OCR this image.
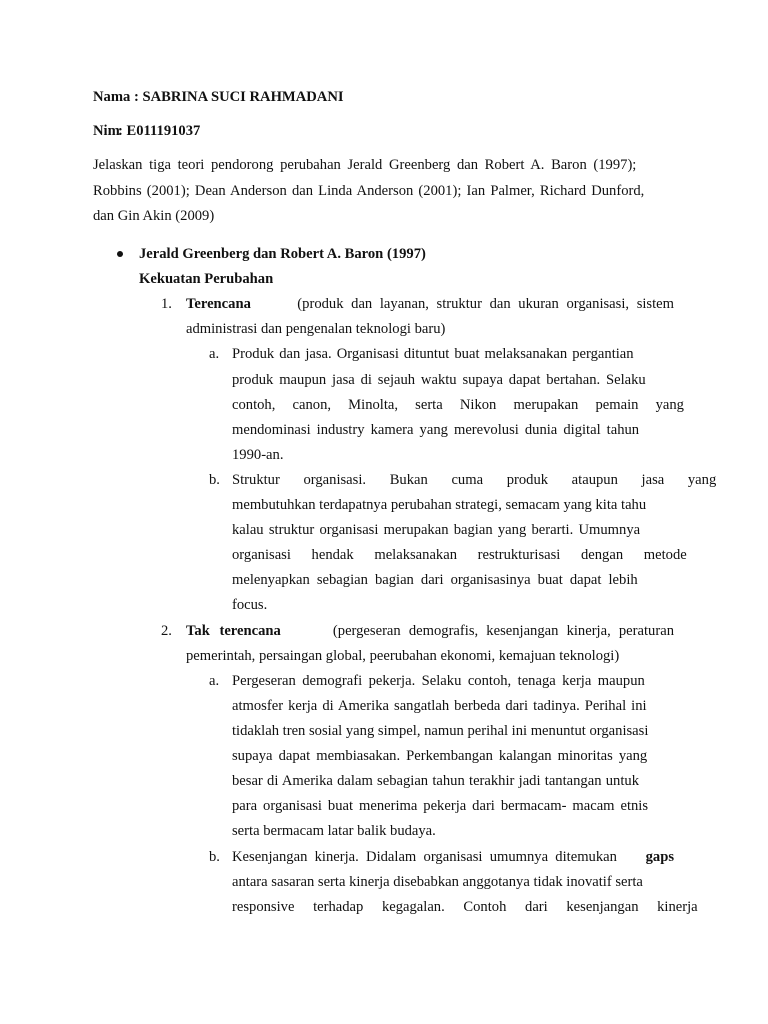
Nama : SABRINA SUCI RAHMADANI
Nim
: E011191037
Jelaskan tiga teori pendorong perubahan Jerald Greenberg dan Robert A. Baron (1997);
Robbins (2001); Dean Anderson dan Linda Anderson (2001); Ian Palmer, Richard Dunford,
dan Gin Akin (2009)
Jerald Greenberg dan Robert A. Baron (1997)
Kekuatan Perubahan
1. Terencana	(produk dan layanan, struktur dan ukuran organisasi, sistem
administrasi dan pengenalan teknologi baru)
a. Produk dan jasa. Organisasi dituntut buat melaksanakan pergantian
produk maupun jasa di sejauh waktu supaya dapat bertahan. Selaku
contoh, canon, Minolta, serta Nikon merupakan pemain yang
mendominasi industry kamera yang merevolusi dunia digital tahun
1990-an.
b. Struktur organisasi. Bukan cuma produk ataupun jasa yang
membutuhkan terdapatnya perubahan strategi, semacam yang kita tahu
kalau struktur organisasi merupakan bagian yang berarti. Umumnya
organisasi hendak melaksanakan restrukturisasi dengan metode
melenyapkan sebagian bagian dari organisasinya buat dapat lebih
focus.
2. Tak terencana	(pergeseran demografis, kesenjangan kinerja, peraturan
pemerintah, persaingan global, peerubahan ekonomi, kemajuan teknologi)
a. Pergeseran demografi pekerja. Selaku contoh, tenaga kerja maupun
atmosfer kerja di Amerika sangatlah berbeda dari tadinya. Perihal ini
tidaklah tren sosial yang simpel, namun perihal ini menuntut organisasi
supaya dapat membiasakan. Perkembangan kalangan minoritas yang
besar di Amerika dalam sebagian tahun terakhir jadi tantangan untuk
para organisasi buat menerima pekerja dari bermacam- macam etnis
serta bermacam latar balik budaya.
b. Kesenjangan kinerja. Didalam organisasi umumnya ditemukan gaps
antara sasaran serta kinerja disebabkan anggotanya tidak inovatif serta
responsive terhadap kegagalan. Contoh dari kesenjangan kinerja
